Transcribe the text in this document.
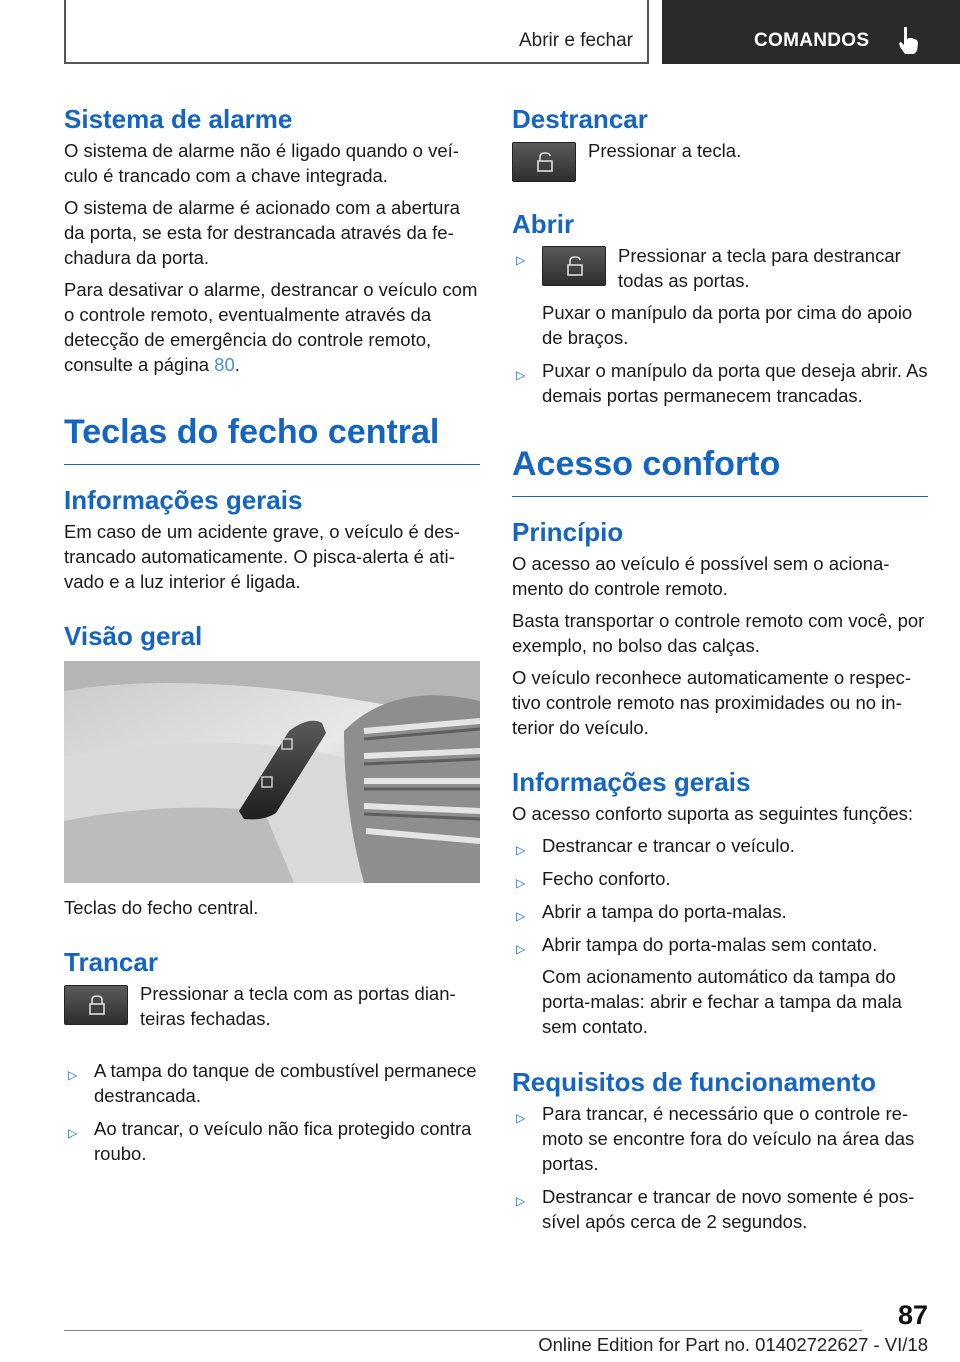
Abrir e fechar	COMANDOS
Sistema de alarme

O sistema de alarme não é ligado quando o veículo é trancado com a chave integrada.

O sistema de alarme é acionado com a abertura da porta, se esta for destrancada através da fechadura da porta.

Para desativar o alarme, destrancar o veículo com o controle remoto, eventualmente através da detecção de emergência do controle remoto, consulte a página 80.

Teclas do fecho central
Informações gerais

Em caso de um acidente grave, o veículo é destrancado automaticamente. O pisca-alerta é ativado e a luz interior é ligada.

Visão geral

Teclas do fecho central.

Trancar
Pressionar a tecla com as portas dianteiras fechadas.
▷ A tampa do tanque de combustível permanece destrancada.
▷ Ao trancar, o veículo não fica protegido contra roubo.
Destrancar
Pressionar a tecla.
Abrir
▷	Pressionar a tecla para destrancar todas as portas.
Puxar o manípulo da porta por cima do apoio de braços.
▷ Puxar o manípulo da porta que deseja abrir. As demais portas permanecem trancadas.
Acesso conforto
Princípio

O acesso ao veículo é possível sem o acionamento do controle remoto.

Basta transportar o controle remoto com você, por exemplo, no bolso das calças.

O veículo reconhece automaticamente o respectivo controle remoto nas proximidades ou no interior do veículo.

Informações gerais

O acesso conforto suporta as seguintes funções:

▷ Destrancar e trancar o veículo.
▷ Fecho conforto.
▷ Abrir a tampa do porta-malas.
▷ Abrir tampa do porta-malas sem contato.
Com acionamento automático da tampa do porta-malas: abrir e fechar a tampa da mala sem contato.
Requisitos de funcionamento
▷ Para trancar, é necessário que o controle remoto se encontre fora do veículo na área das portas.
▷ Destrancar e trancar de novo somente é possível após cerca de 2 segundos.
87
Online Edition for Part no. 01402722627 - VI/18
